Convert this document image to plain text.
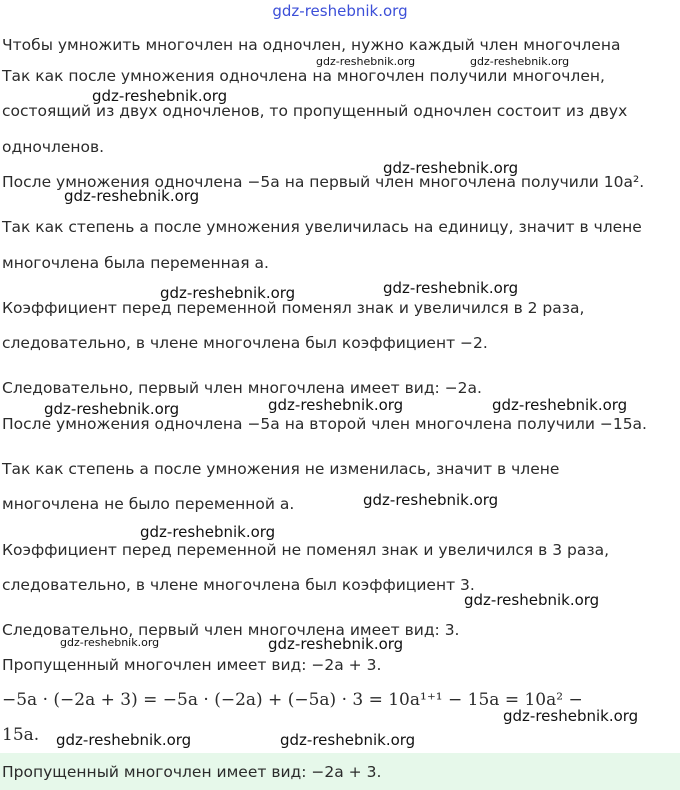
gdz-reshebnik.org
Чтобы умножить многочлен на одночлен, нужно каждый член многочлена
Так как после умножения одночлена на многочлен получили многочлен,
состоящий из двух одночленов, то пропущенный одночлен состоит из двух
одночленов.
После умножения одночлена −5a на первый член многочлена получили 10a².
Так как степень a после умножения увеличилась на единицу, значит в члене
многочлена была переменная a.
Коэффициент перед переменной поменял знак и увеличился в 2 раза,
следовательно, в члене многочлена был коэффициент −2.
Следовательно, первый член многочлена имеет вид: −2a.
После умножения одночлена −5a на второй член многочлена получили −15a.
Так как степень a после умножения не изменилась, значит в члене
многочлена не было переменной a.
Коэффициент перед переменной не поменял знак и увеличился в 3 раза,
следовательно, в члене многочлена был коэффициент 3.
Следовательно, первый член многочлена имеет вид: 3.
Пропущенный многочлен имеет вид: −2a + 3.
−5a · (−2a + 3) = −5a · (−2a) + (−5a) · 3 = 10a¹⁺¹ − 15a = 10a² −
15a.
Пропущенный многочлен имеет вид: −2a + 3.
gdz-reshebnik.org	gdz-reshebnik.org
gdz-reshebnik.org
gdz-reshebnik.org
gdz-reshebnik.org
gdz-reshebnik.org
gdz-reshebnik.org
gdz-reshebnik.org	gdz-reshebnik.org	gdz-reshebnik.org
gdz-reshebnik.org
gdz-reshebnik.org
gdz-reshebnik.org
gdz-reshebnik.org	gdz-reshebnik.org
gdz-reshebnik.org
gdz-reshebnik.org	gdz-reshebnik.org
